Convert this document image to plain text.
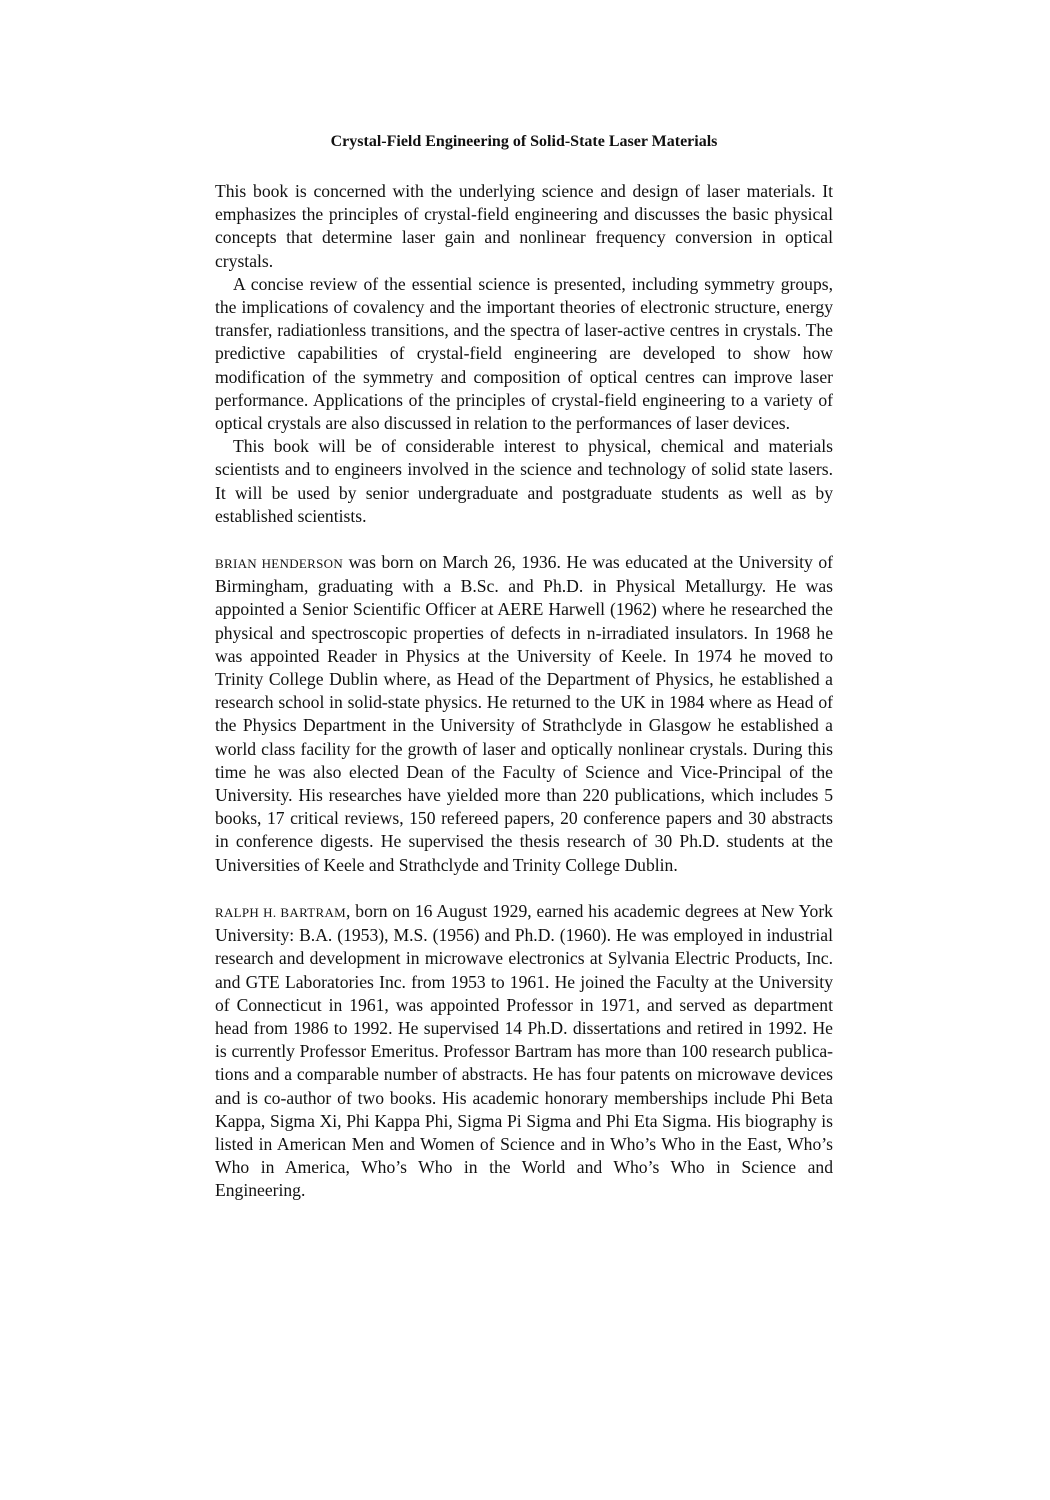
Crystal-Field Engineering of Solid-State Laser Materials

This book is concerned with the underlying science and design of laser materials. It emphasizes the principles of crystal-field engineering and discusses the basic physical concepts that determine laser gain and nonlinear frequency conversion in optical crystals.

A concise review of the essential science is presented, including symmetry groups, the implications of covalency and the important theories of electronic structure, energy transfer, radiationless transitions, and the spectra of laser-active centres in crystals. The predictive capabilities of crystal-field engineering are developed to show how modification of the symmetry and composition of optical centres can improve laser performance. Applications of the principles of crystal-field engineering to a variety of optical crystals are also discussed in relation to the performances of laser devices.

This book will be of considerable interest to physical, chemical and materials scientists and to engineers involved in the science and technology of solid state lasers. It will be used by senior undergraduate and postgraduate students as well as by established scientists.

BRIAN HENDERSON was born on March 26, 1936. He was educated at the University of Birmingham, graduating with a B.Sc. and Ph.D. in Physical Metallurgy. He was appointed a Senior Scientific Officer at AERE Harwell (1962) where he researched the physical and spectroscopic properties of defects in n-irradiated insulators. In 1968 he was appointed Reader in Physics at the University of Keele. In 1974 he moved to Trinity College Dublin where, as Head of the Department of Physics, he established a research school in solid-state physics. He returned to the UK in 1984 where as Head of the Physics Department in the University of Strathclyde in Glasgow he established a world class facility for the growth of laser and optically nonlinear crystals. During this time he was also elected Dean of the Faculty of Science and Vice-Principal of the University. His researches have yielded more than 220 publications, which includes 5 books, 17 critical reviews, 150 refereed papers, 20 conference papers and 30 abstracts in conference digests. He supervised the thesis research of 30 Ph.D. students at the Universities of Keele and Strathclyde and Trinity College Dublin.

RALPH H. BARTRAM, born on 16 August 1929, earned his academic degrees at New York University: B.A. (1953), M.S. (1956) and Ph.D. (1960). He was employed in industrial research and development in microwave electronics at Sylvania Electric Products, Inc. and GTE Laboratories Inc. from 1953 to 1961. He joined the Faculty at the University of Connecticut in 1961, was appointed Professor in 1971, and served as department head from 1986 to 1992. He supervised 14 Ph.D. dissertations and retired in 1992. He is currently Professor Emeritus. Professor Bartram has more than 100 research publications and a comparable number of abstracts. He has four patents on microwave devices and is co-author of two books. His academic honorary memberships include Phi Beta Kappa, Sigma Xi, Phi Kappa Phi, Sigma Pi Sigma and Phi Eta Sigma. His biography is listed in American Men and Women of Science and in Who’s Who in the East, Who’s Who in America, Who’s Who in the World and Who’s Who in Science and Engineering.
